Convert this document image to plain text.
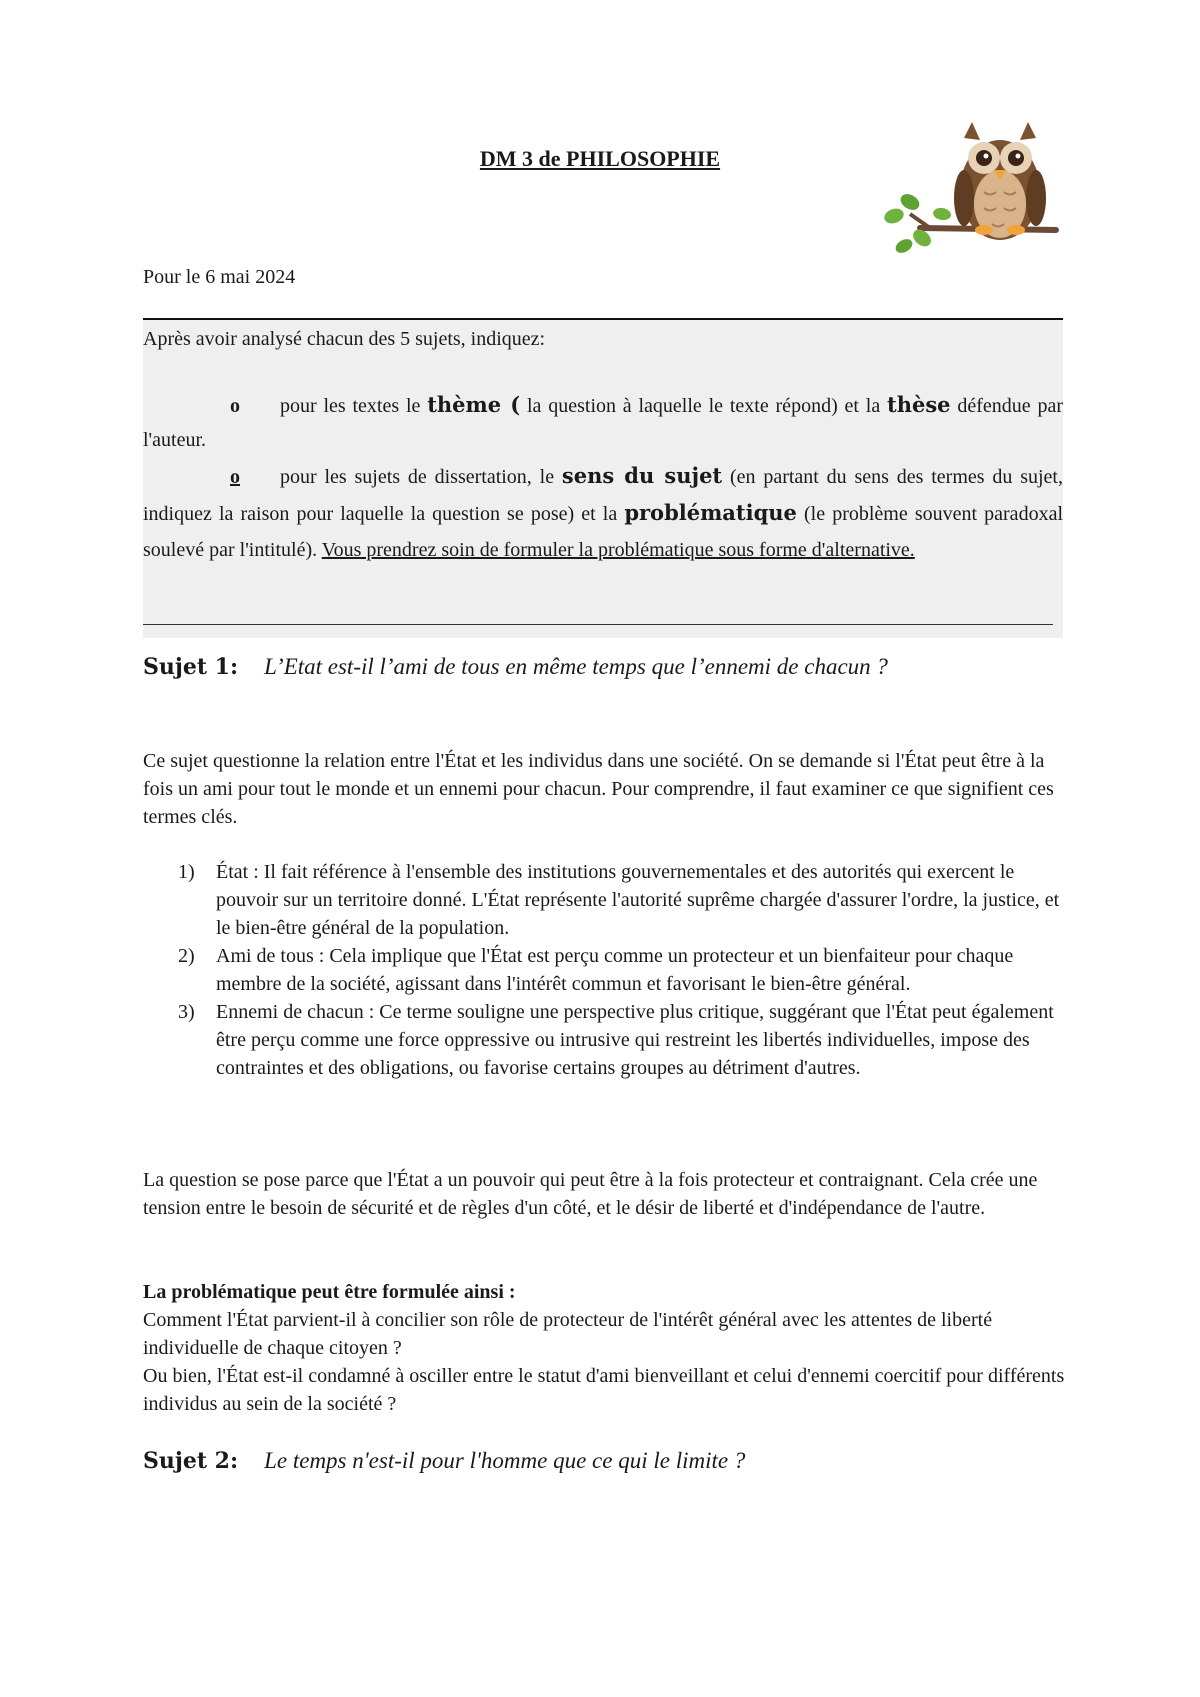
DM 3 de PHILOSOPHIE
Pour le 6 mai 2024
Après avoir analysé chacun des 5 sujets, indiquez:
o pour les textes le thème ( la question à laquelle le texte répond) et la thèse défendue par l'auteur.
o pour les sujets de dissertation, le sens du sujet (en partant du sens des termes du sujet, indiquez la raison pour laquelle la question se pose) et la problématique (le problème souvent paradoxal soulevé par l'intitulé). Vous prendrez soin de formuler la problématique sous forme d'alternative.
Sujet 1: L’Etat est-il l’ami de tous en même temps que l’ennemi de chacun ?
Ce sujet questionne la relation entre l'État et les individus dans une société. On se demande si l'État peut être à la fois un ami pour tout le monde et un ennemi pour chacun. Pour comprendre, il faut examiner ce que signifient ces termes clés.
1) État : Il fait référence à l'ensemble des institutions gouvernementales et des autorités qui exercent le pouvoir sur un territoire donné. L'État représente l'autorité suprême chargée d'assurer l'ordre, la justice, et le bien-être général de la population.
2) Ami de tous : Cela implique que l'État est perçu comme un protecteur et un bienfaiteur pour chaque membre de la société, agissant dans l'intérêt commun et favorisant le bien-être général.
3) Ennemi de chacun : Ce terme souligne une perspective plus critique, suggérant que l'État peut également être perçu comme une force oppressive ou intrusive qui restreint les libertés individuelles, impose des contraintes et des obligations, ou favorise certains groupes au détriment d'autres.
La question se pose parce que l'État a un pouvoir qui peut être à la fois protecteur et contraignant. Cela crée une tension entre le besoin de sécurité et de règles d'un côté, et le désir de liberté et d'indépendance de l'autre.
La problématique peut être formulée ainsi :
Comment l'État parvient-il à concilier son rôle de protecteur de l'intérêt général avec les attentes de liberté individuelle de chaque citoyen ?
Ou bien, l'État est-il condamné à osciller entre le statut d'ami bienveillant et celui d'ennemi coercitif pour différents individus au sein de la société ?
Sujet 2: Le temps n'est-il pour l'homme que ce qui le limite ?
